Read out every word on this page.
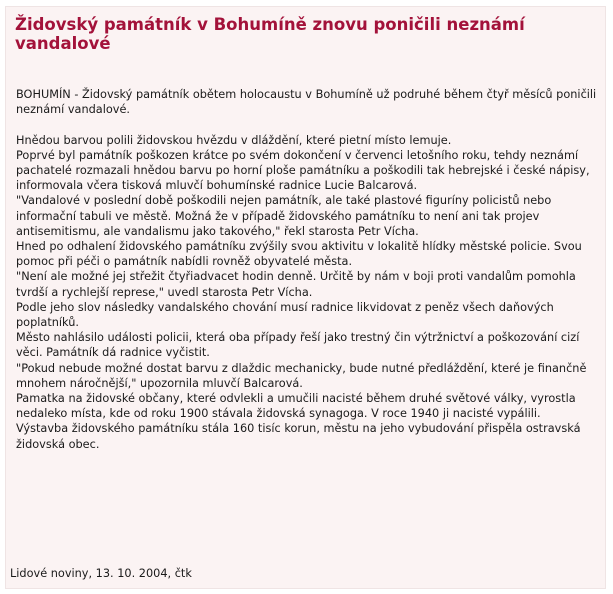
Židovský památník v Bohumíně znovu poničili neznámí vandalové

BOHUMÍN - Židovský památník obětem holocaustu v Bohumíně už podruhé během čtyř měsíců poničili neznámí vandalové.

Hnědou barvou polili židovskou hvězdu v dláždění, které pietní místo lemuje.

Poprvé byl památník poškozen krátce po svém dokončení v červenci letošního roku, tehdy neznámí pachatelé rozmazali hnědou barvu po horní ploše památníku a poškodili tak hebrejské i české nápisy, informovala včera tisková mluvčí bohumínské radnice Lucie Balcarová.

"Vandalové v poslední době poškodili nejen památník, ale také plastové figuríny policistů nebo informační tabuli ve městě. Možná že v případě židovského památníku to není ani tak projev antisemitismu, ale vandalismu jako takového," řekl starosta Petr Vícha.

Hned po odhalení židovského památníku zvýšily svou aktivitu v lokalitě hlídky městské policie. Svou pomoc při péči o památník nabídli rovněž obyvatelé města.

"Není ale možné jej střežit čtyřiadvacet hodin denně. Určitě by nám v boji proti vandalům pomohla tvrdší a rychlejší represe," uvedl starosta Petr Vícha.

Podle jeho slov následky vandalského chování musí radnice likvidovat z peněz všech daňových poplatníků.

Město nahlásilo události policii, která oba případy řeší jako trestný čin výtržnictví a poškozování cizí věci. Památník dá radnice vyčistit.

"Pokud nebude možné dostat barvu z dlaždic mechanicky, bude nutné předláždění, které je finančně mnohem náročnější," upozornila mluvčí Balcarová.

Pamatka na židovské občany, které odvlekli a umučili nacisté během druhé světové války, vyrostla nedaleko místa, kde od roku 1900 stávala židovská synagoga. V roce 1940 ji nacisté vypálili.

Výstavba židovského památníku stála 160 tisíc korun, městu na jeho vybudování přispěla ostravská židovská obec.

Lidové noviny, 13. 10. 2004, čtk
